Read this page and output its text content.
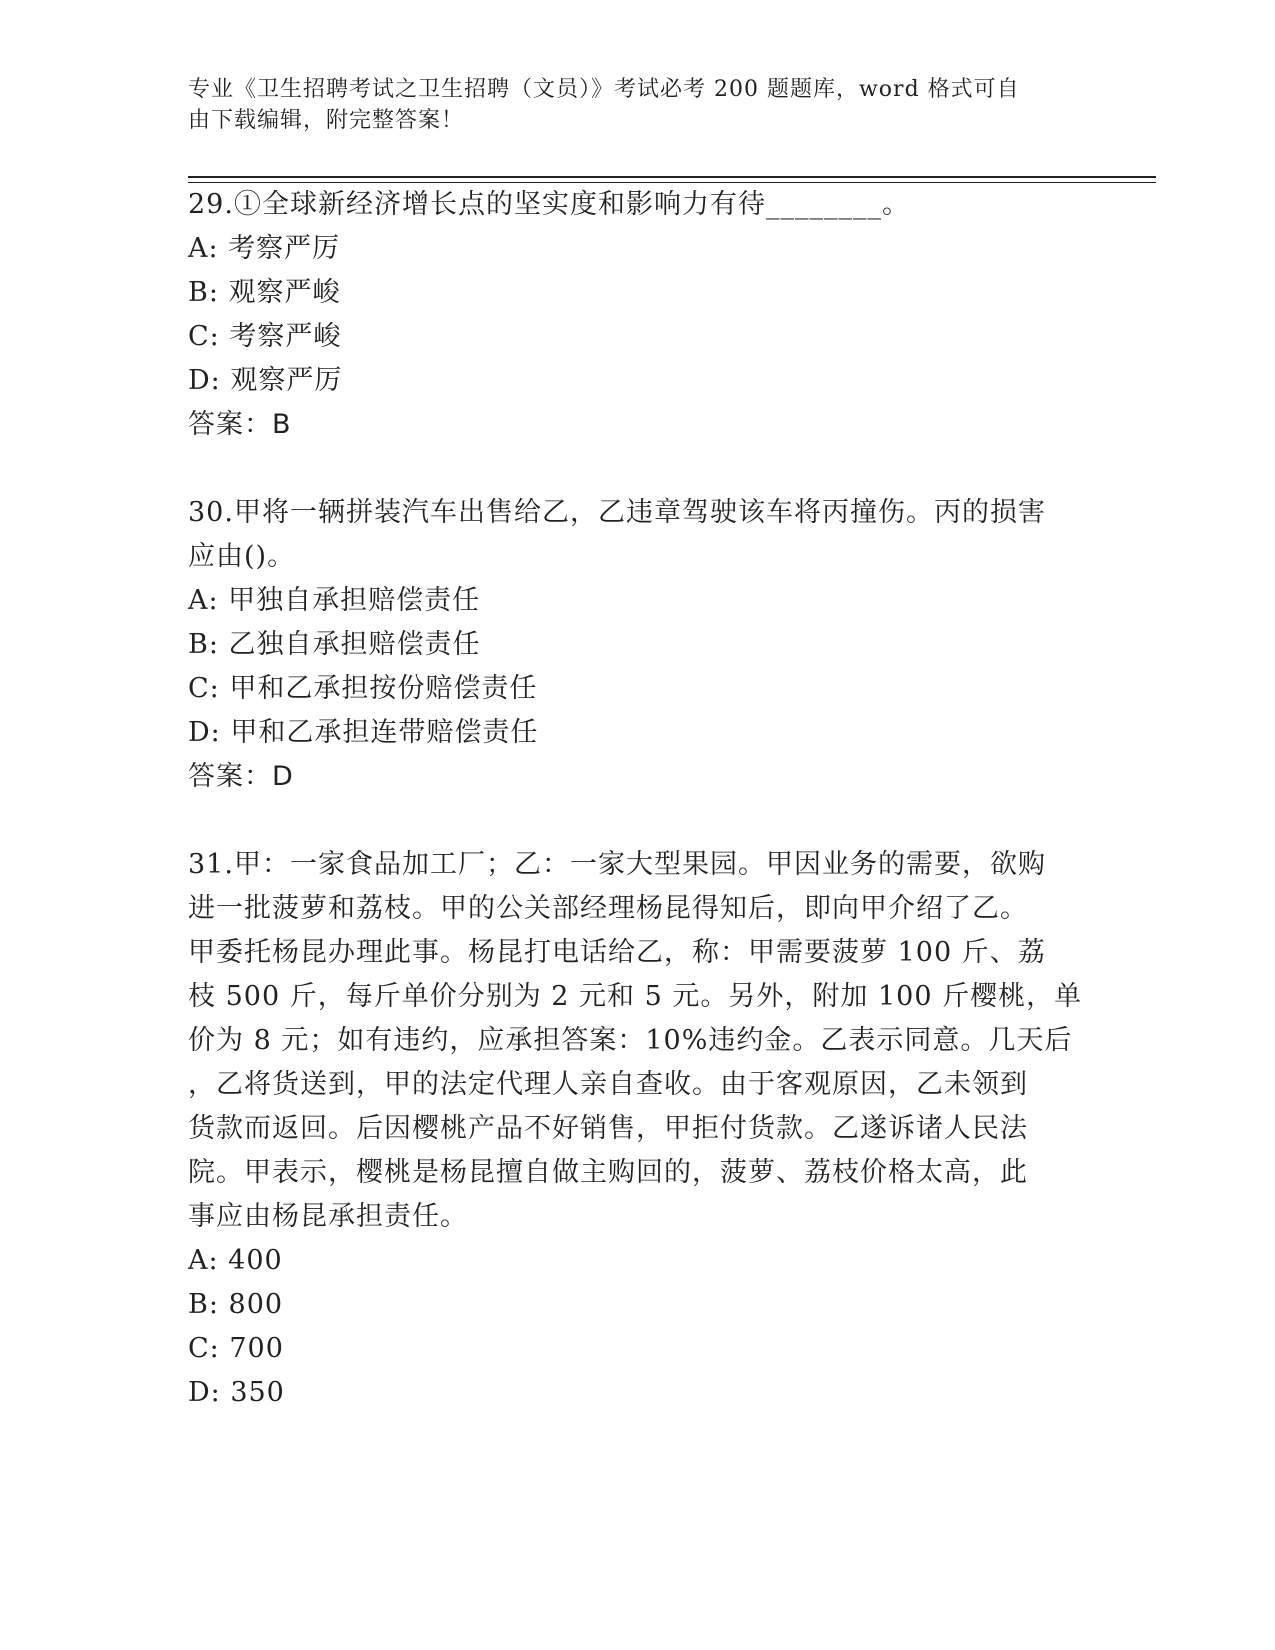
专业《卫生招聘考试之卫生招聘（文员）》考试必考 200 题题库，word 格式可自
由下载编辑，附完整答案！
29.①全球新经济增长点的坚实度和影响力有待________。
A: 考察严厉
B: 观察严峻
C: 考察严峻
D: 观察严厉
答案：B
30.甲将一辆拼装汽车出售给乙，乙违章驾驶该车将丙撞伤。丙的损害
应由()。
A: 甲独自承担赔偿责任
B: 乙独自承担赔偿责任
C: 甲和乙承担按份赔偿责任
D: 甲和乙承担连带赔偿责任
答案：D
31.甲：一家食品加工厂；乙：一家大型果园。甲因业务的需要，欲购
进一批菠萝和荔枝。甲的公关部经理杨昆得知后，即向甲介绍了乙。
甲委托杨昆办理此事。杨昆打电话给乙，称：甲需要菠萝 100 斤、荔
枝 500 斤，每斤单价分别为 2 元和 5 元。另外，附加 100 斤樱桃，单
价为 8 元；如有违约，应承担答案：10%违约金。乙表示同意。几天后
，乙将货送到，甲的法定代理人亲自查收。由于客观原因，乙未领到
货款而返回。后因樱桃产品不好销售，甲拒付货款。乙遂诉诸人民法
院。甲表示，樱桃是杨昆擅自做主购回的，菠萝、荔枝价格太高，此
事应由杨昆承担责任。
A: 400
B: 800
C: 700
D: 350
